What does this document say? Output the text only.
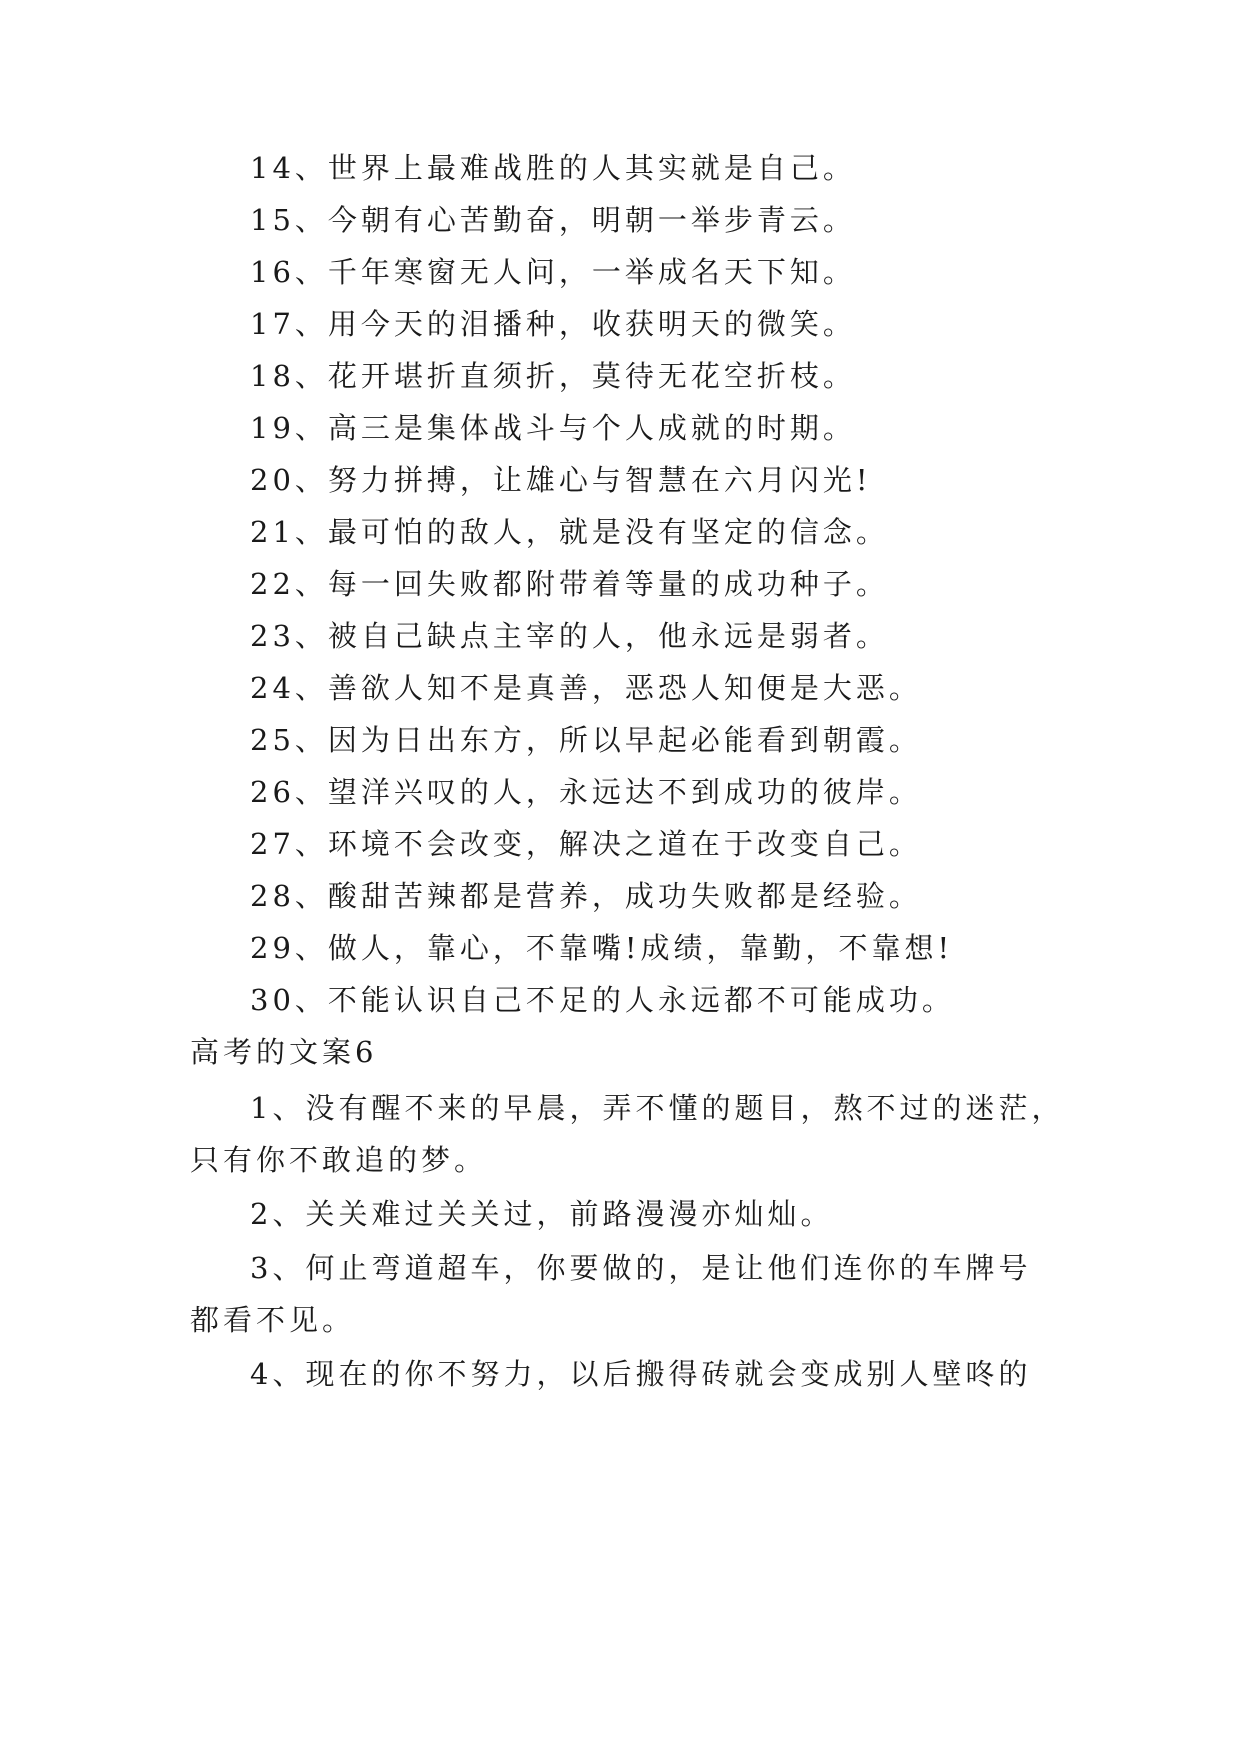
14、世界上最难战胜的人其实就是自己。
15、今朝有心苦勤奋，明朝一举步青云。
16、千年寒窗无人问，一举成名天下知。
17、用今天的泪播种，收获明天的微笑。
18、花开堪折直须折，莫待无花空折枝。
19、高三是集体战斗与个人成就的时期。
20、努力拼搏，让雄心与智慧在六月闪光!
21、最可怕的敌人，就是没有坚定的信念。
22、每一回失败都附带着等量的成功种子。
23、被自己缺点主宰的人，他永远是弱者。
24、善欲人知不是真善，恶恐人知便是大恶。
25、因为日出东方，所以早起必能看到朝霞。
26、望洋兴叹的人，永远达不到成功的彼岸。
27、环境不会改变，解决之道在于改变自己。
28、酸甜苦辣都是营养，成功失败都是经验。
29、做人，靠心，不靠嘴!成绩，靠勤，不靠想!
30、不能认识自己不足的人永远都不可能成功。
高考的文案6
1、没有醒不来的早晨，弄不懂的题目，熬不过的迷茫，
只有你不敢追的梦。
2、关关难过关关过，前路漫漫亦灿灿。
3、何止弯道超车，你要做的，是让他们连你的车牌号
都看不见。
4、现在的你不努力，以后搬得砖就会变成别人壁咚的
